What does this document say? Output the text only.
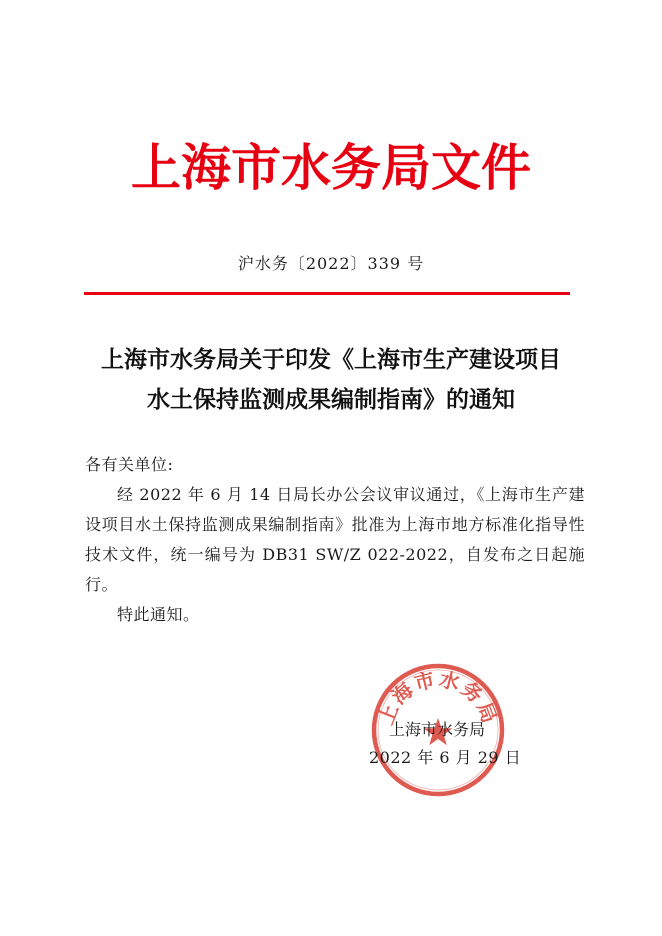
上海市水务局文件
沪水务〔2022〕339 号
上海市水务局关于印发《上海市生产建设项目
水土保持监测成果编制指南》的通知

各有关单位:

经 2022 年 6 月 14 日局长办公会议审议通过，《上海市生产建设项目水土保持监测成果编制指南》批准为上海市地方标准化指导性技术文件，统一编号为 DB31 SW/Z 022-2022，自发布之日起施行。

特此通知。

上海市水务局
上海市水务局
2022 年 6 月 29 日
